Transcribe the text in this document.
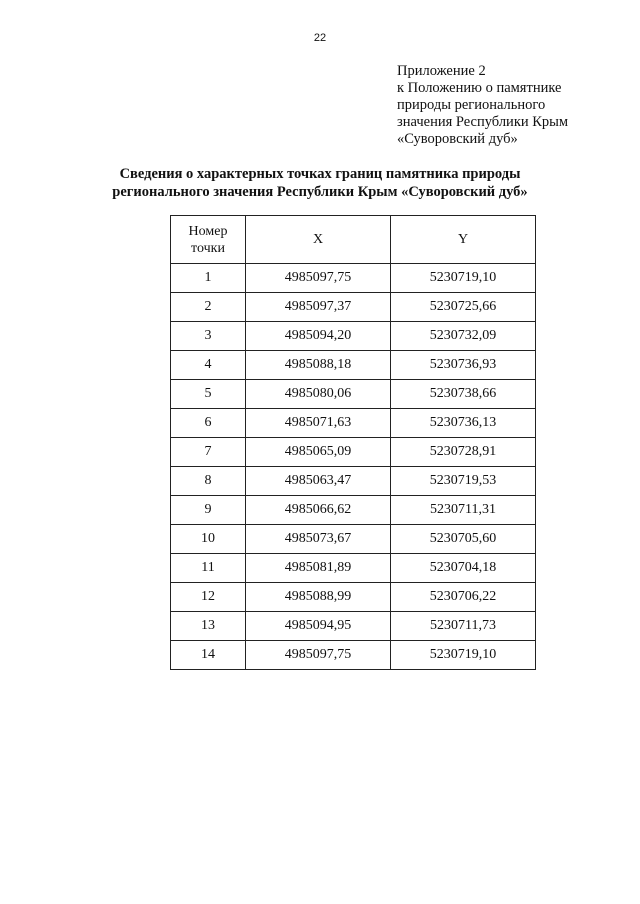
22
Приложение 2
к Положению о памятнике
природы регионального
значения Республики Крым
«Суворовский дуб»
Сведения о характерных точках границ памятника природы
регионального значения Республики Крым «Суворовский дуб»
Номер
точки	X	Y
1	4985097,75	5230719,10
2	4985097,37	5230725,66
3	4985094,20	5230732,09
4	4985088,18	5230736,93
5	4985080,06	5230738,66
6	4985071,63	5230736,13
7	4985065,09	5230728,91
8	4985063,47	5230719,53
9	4985066,62	5230711,31
10	4985073,67	5230705,60
11	4985081,89	5230704,18
12	4985088,99	5230706,22
13	4985094,95	5230711,73
14	4985097,75	5230719,10
